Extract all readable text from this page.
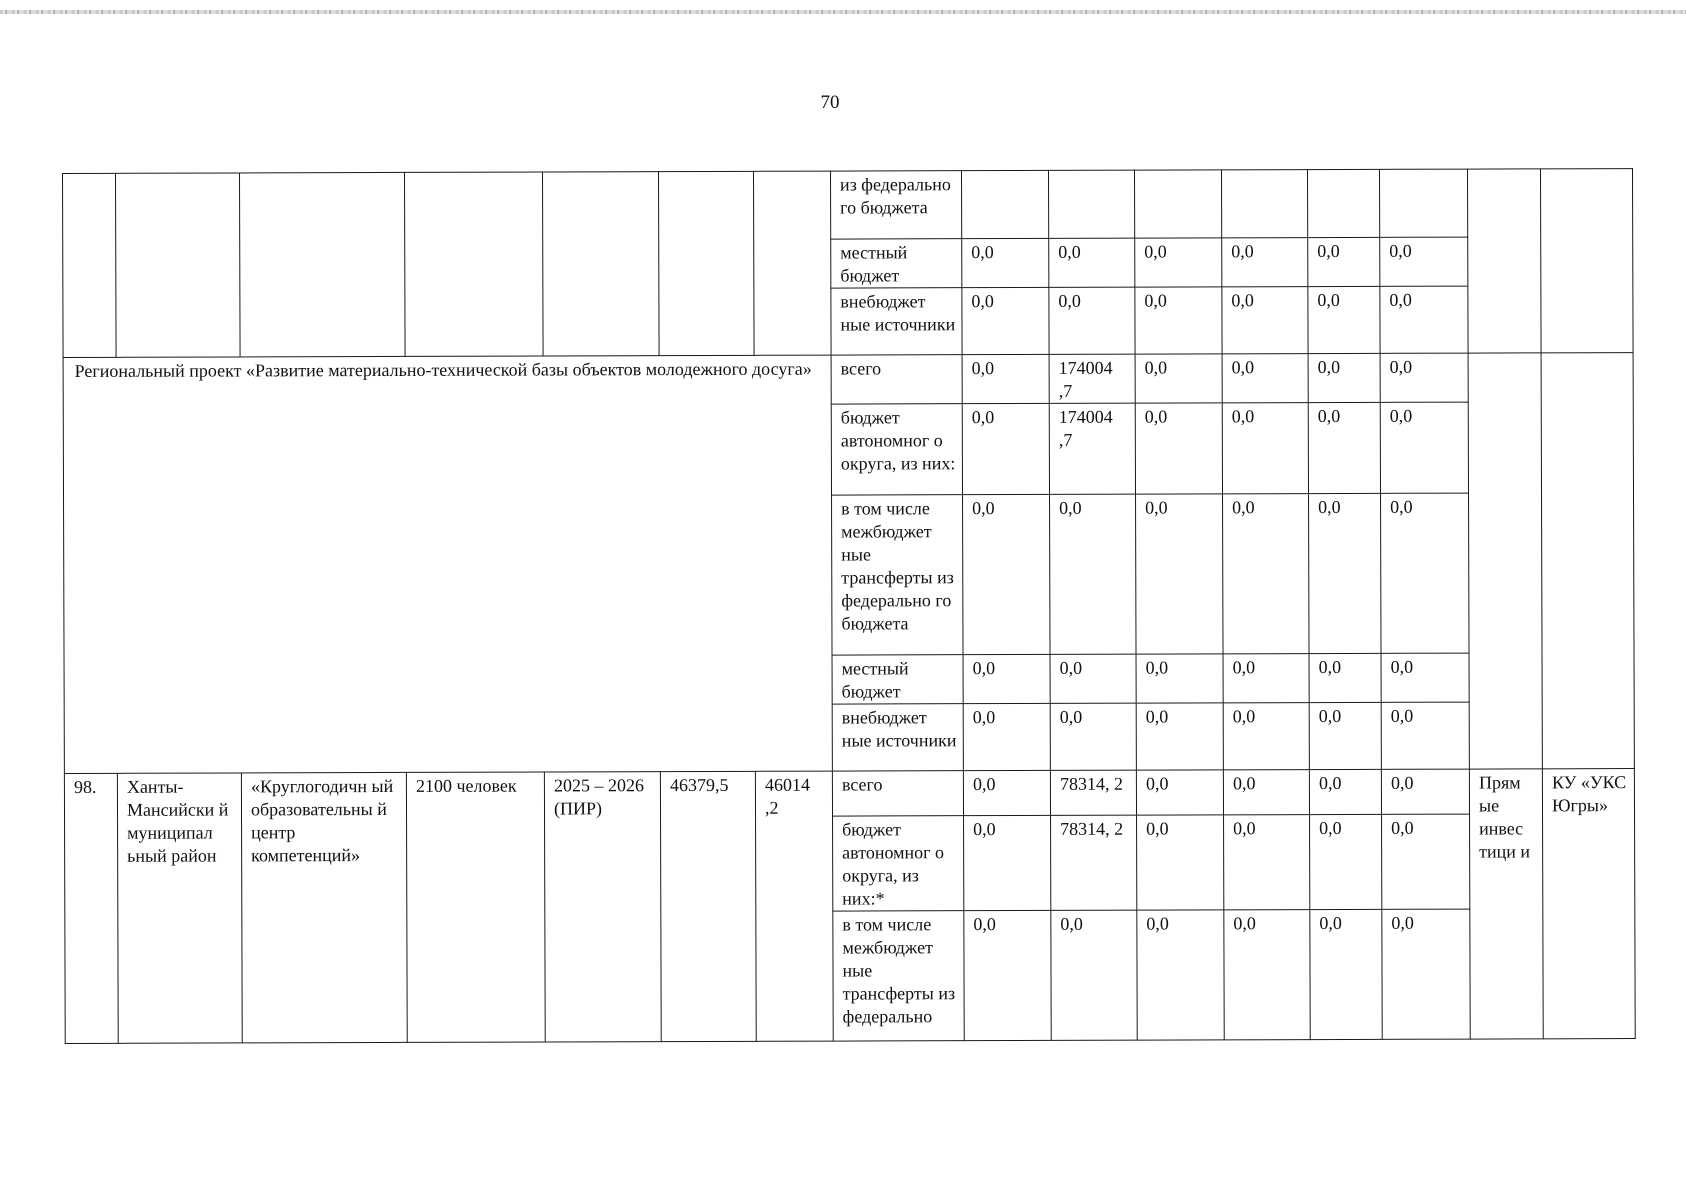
70
							из федерально го бюджета								
							местный бюджет	0,0	0,0	0,0	0,0	0,0	0,0		
							внебюджет ные источники	0,0	0,0	0,0	0,0	0,0	0,0		
Региональный проект «Развитие материально-технической базы объектов молодежного досуга»							всего	0,0	174004 ,7	0,0	0,0	0,0	0,0		
							бюджет автономног о округа, из них:	0,0	174004 ,7	0,0	0,0	0,0	0,0		
							в том числе межбюджет ные трансферты из федерально го бюджета	0,0	0,0	0,0	0,0	0,0	0,0		
							местный бюджет	0,0	0,0	0,0	0,0	0,0	0,0		
							внебюджет ные источники	0,0	0,0	0,0	0,0	0,0	0,0		
98.	Ханты-Мансийски й муниципал ьный район	«Круглогодичн ый образовательны й центр компетенций»	2100 человек	2025 – 2026 (ПИР)	46379,5	46014 ,2	всего	0,0	78314, 2	0,0	0,0	0,0	0,0	Прям ые инвес тици и	КУ «УКС Югры»
							бюджет автономног о округа, из них:*	0,0	78314, 2	0,0	0,0	0,0	0,0		
							в том числе межбюджет ные трансферты из федерально	0,0	0,0	0,0	0,0	0,0	0,0		
